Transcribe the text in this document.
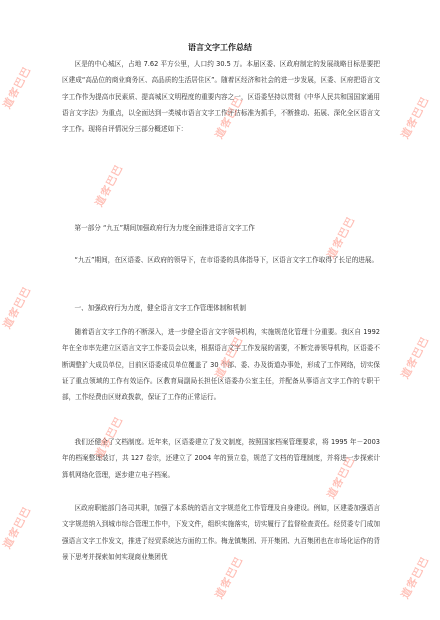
语言文字工作总结

区是的中心城区，占地 7.62 平方公里，人口约 30.5 万。本届区委、区政府制定的发展战略目标是要把区建成“高品位的商业商务区、高品质的生活居住区”。随着区经济和社会的进一步发展，区委、区府把语言文字工作作为提高市民素质、提高城区文明程度的重要内容之一，区语委坚持以贯彻《中华人民共和国国家通用语言文字法》为重点，以全面达到一类城市语言文字工作评估标准为抓手，不断推动、拓展、深化全区语言文字工作。现将自评情况分三部分概述如下：

第一部分 “九五”期间加强政府行为力度全面推进语言文字工作

“九五”期间，在区语委、区政府的领导下，在市语委的具体指导下，区语言文字工作取得了长足的进展。

一、加强政府行为力度，健全语言文字工作管理体制和机制

随着语言文字工作的不断深入，进一步健全语言文字领导机构，实施规范化管理十分重要。我区自 1992 年在全市率先建立区语言文字工作委员会以来，根据语言文字工作发展的需要，不断完善领导机构，区语委不断调整扩大成员单位，目前区语委成员单位覆盖了 30 个部、委、办及街道办事处，形成了工作网络，切实保证了重点领域的工作有效运作。区教育局副局长担任区语委办公室主任，并配备从事语言文字工作的专职干部，工作经费由区财政拨款，保证了工作的正常运行。

我们还健全了文档制度。近年来，区语委建立了发文制度，按照国家档案管理要求，将 1995 年－2003 年的档案整理装订，共 127 卷宗，还建立了 2004 年的预立卷，规范了文档的管理制度，并将进一步探索计算机网络化管理，逐步建立电子档案。

区政府职能部门各司其职，加强了本系统的语言文字规范化工作管理及自身建设。例如，区建委加强语言文字规范纳入到城市综合管理工作中，下发文件，组织实施落实，切实履行了监督检查责任。经贸委专门成加强语言文字工作发文，推进了经贸系统达方面的工作。梅龙镇集团、开开集团、九百集团也在市场化运作的背景下思考并探索如何实现商业集团优

道客巴巴
道客巴巴
道客巴巴
道客巴巴
道客巴巴
道客巴巴
道客巴巴
道客巴巴
道客巴巴
道客巴巴
道客巴巴
道客巴巴
道客巴巴
